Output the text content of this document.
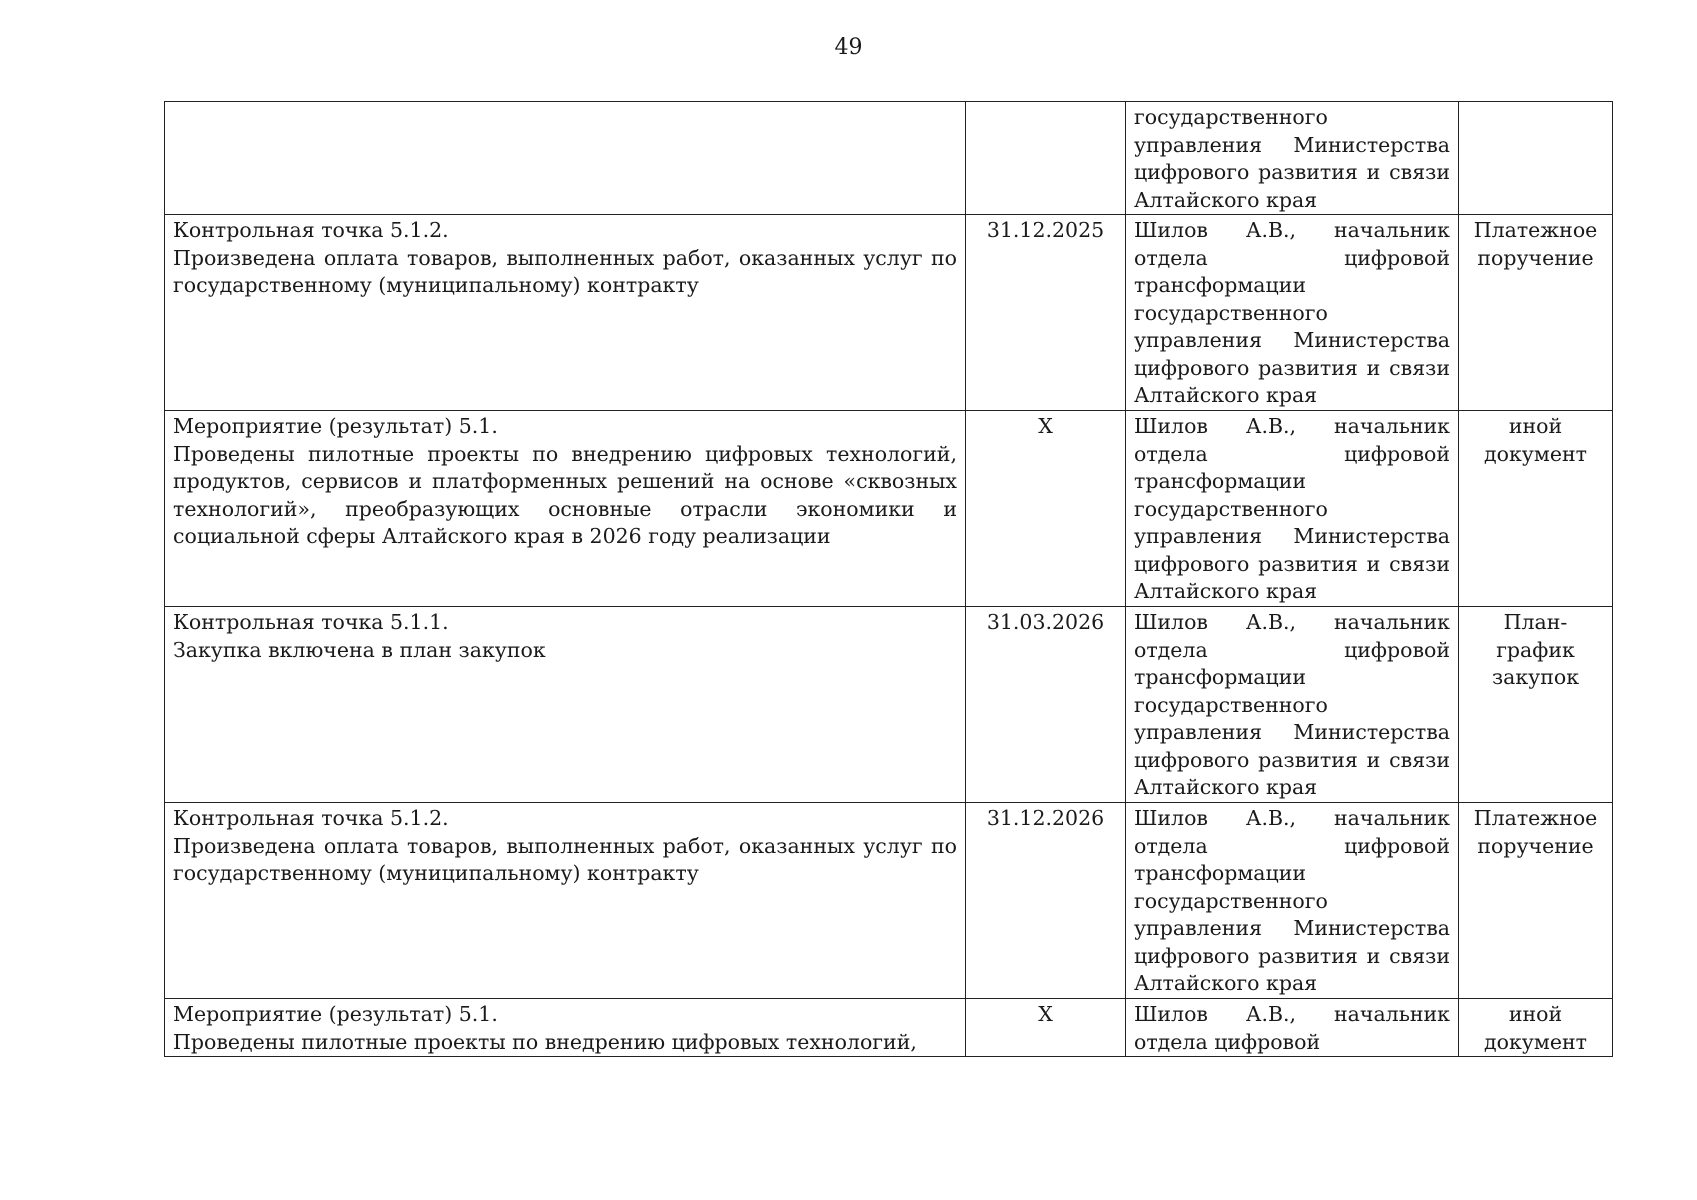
49
		государственного управления Министерства цифрового развития и связи Алтайского края	

Контрольная точка 5.1.2.
Произведена оплата товаров, выполненных работ, оказанных услуг по государственному (муниципальному) контракту	31.12.2025	Шилов А.В., начальник отдела цифровой трансформации государственного управления Министерства цифрового развития и связи Алтайского края	Платежное поручение

Мероприятие (результат) 5.1.
Проведены пилотные проекты по внедрению цифровых технологий, продуктов, сервисов и платформенных решений на основе «сквозных технологий», преобразующих основные отрасли экономики и социальной сферы Алтайского края в 2026 году реализации	X	Шилов А.В., начальник отдела цифровой трансформации государственного управления Министерства цифрового развития и связи Алтайского края	иной документ

Контрольная точка 5.1.1.
Закупка включена в план закупок	31.03.2026	Шилов А.В., начальник отдела цифровой трансформации государственного управления Министерства цифрового развития и связи Алтайского края	План-график закупок

Контрольная точка 5.1.2.
Произведена оплата товаров, выполненных работ, оказанных услуг по государственному (муниципальному) контракту	31.12.2026	Шилов А.В., начальник отдела цифровой трансформации государственного управления Министерства цифрового развития и связи Алтайского края	Платежное поручение

Мероприятие (результат) 5.1.
Проведены пилотные проекты по внедрению цифровых технологий,	X	Шилов А.В., начальник отдела цифровой	иной документ
